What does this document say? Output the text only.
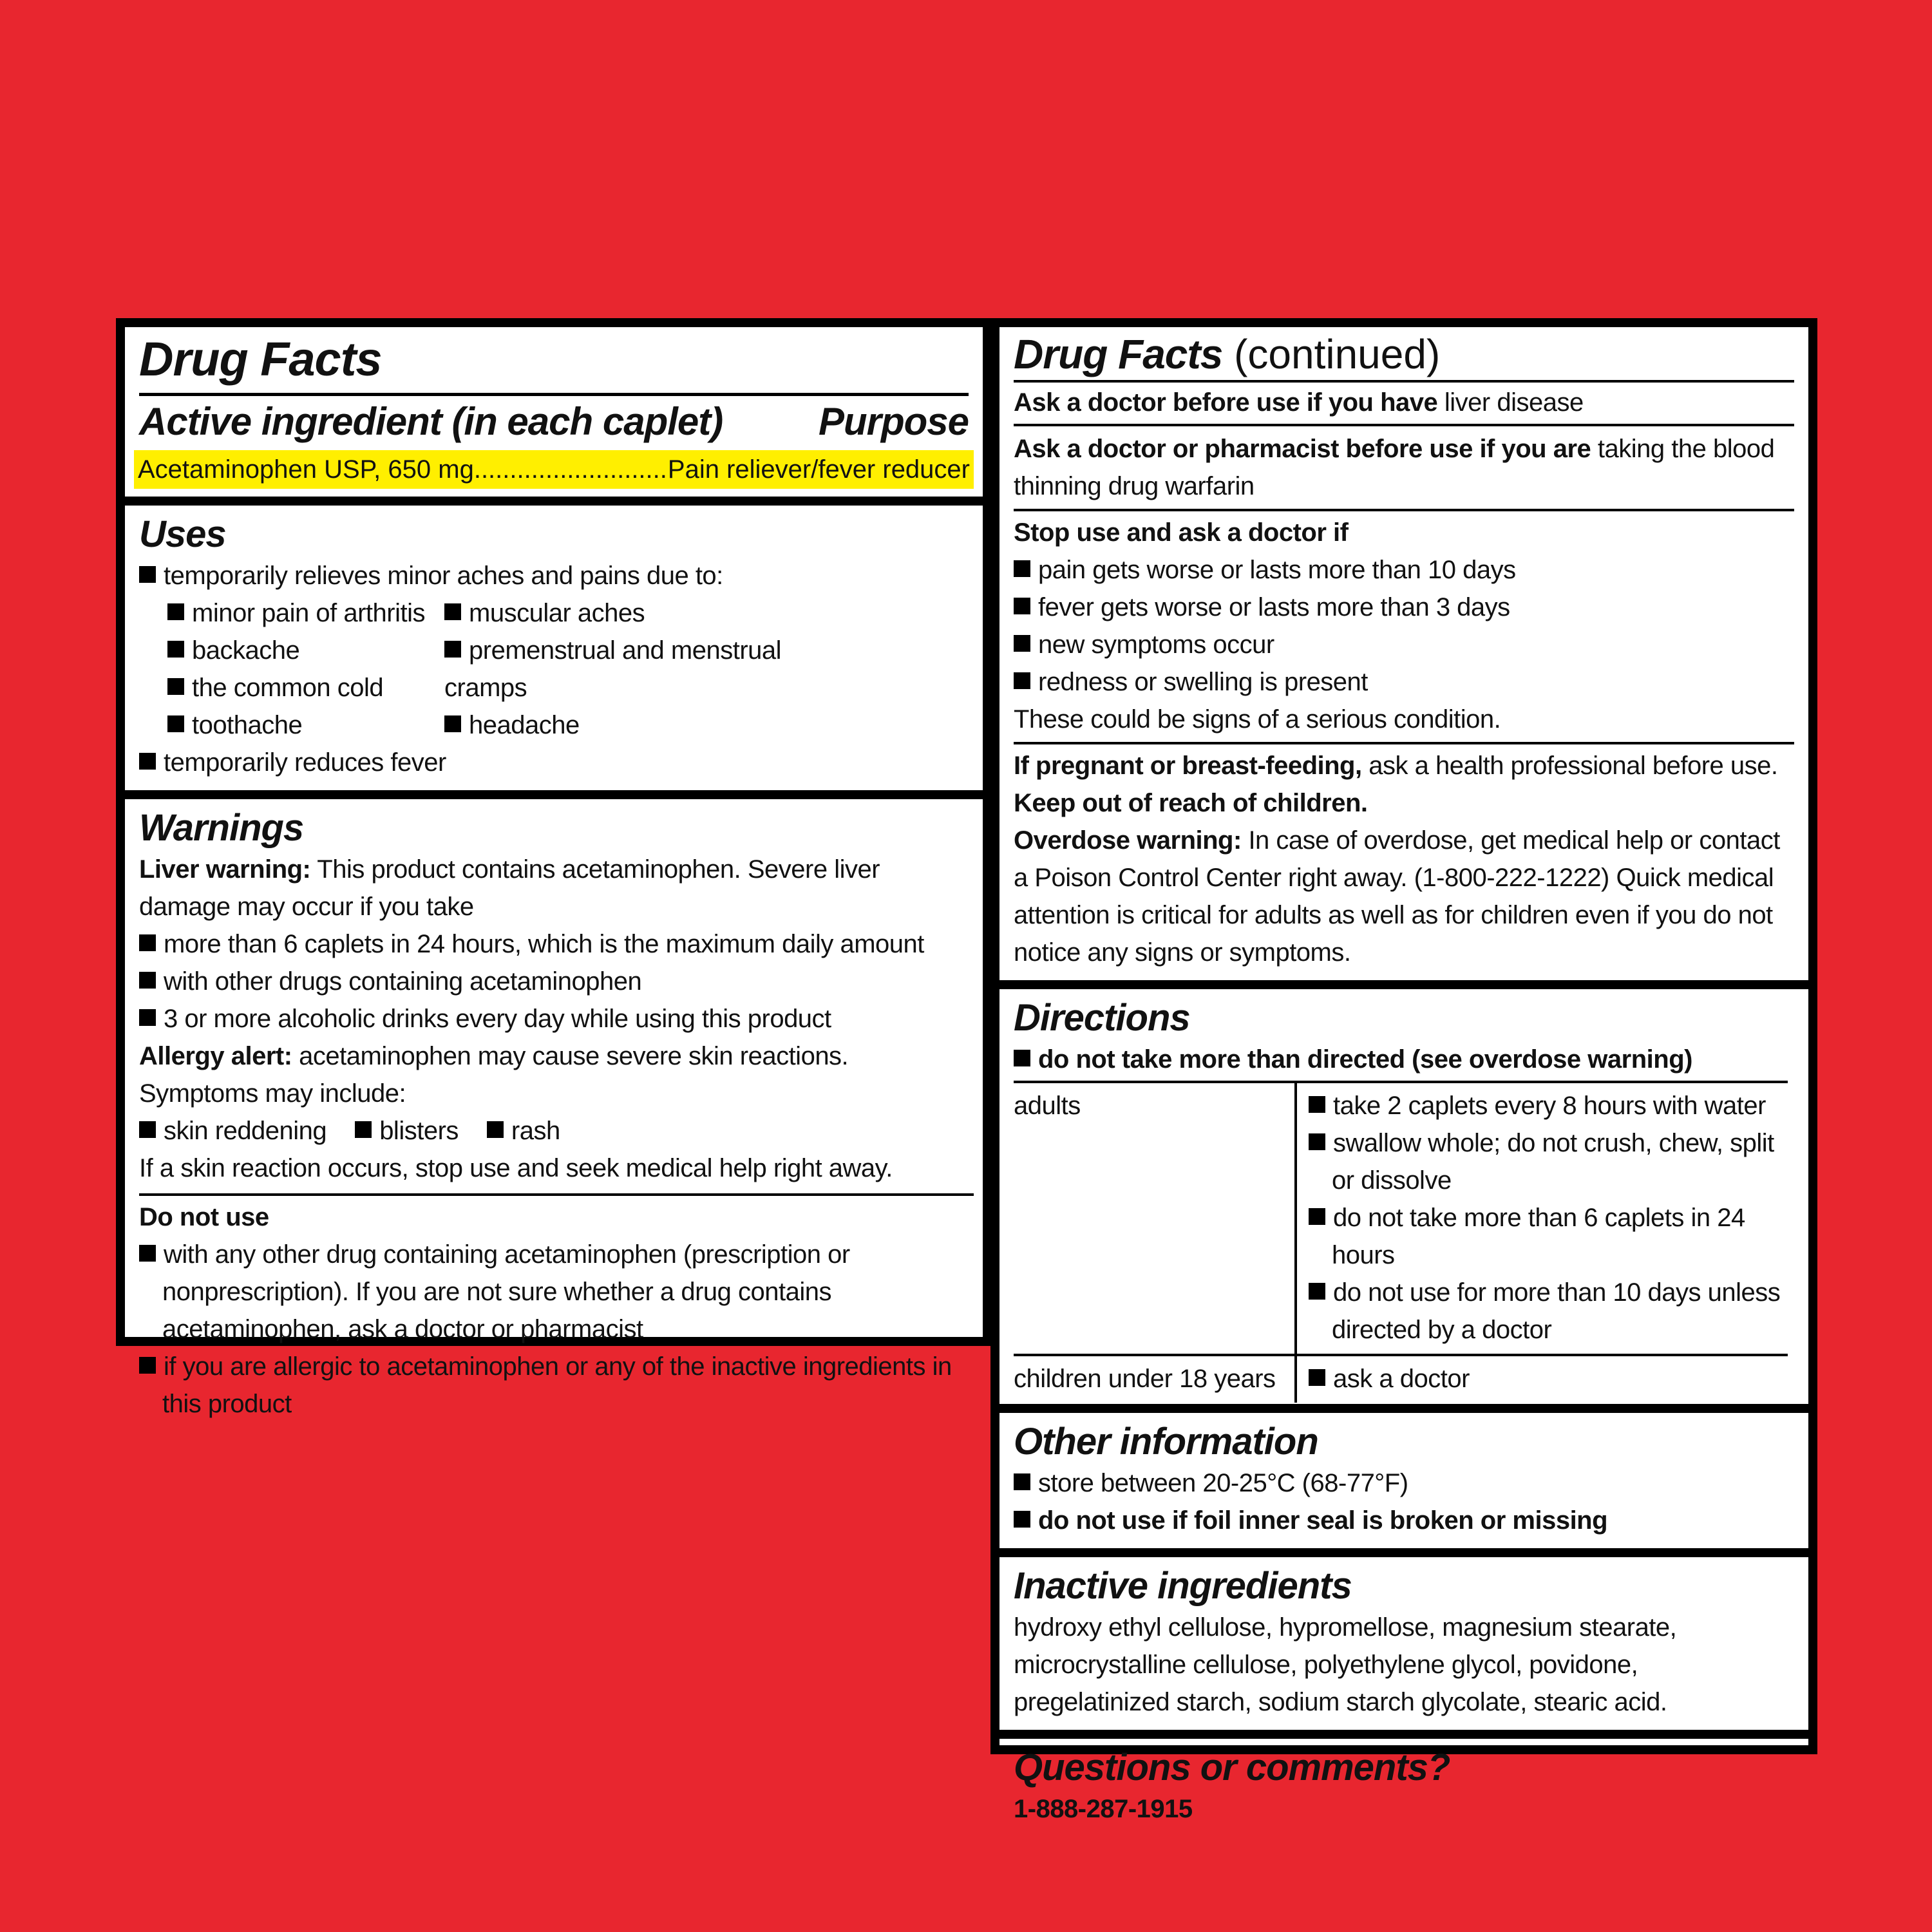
Drug Facts
Active ingredient (in each caplet) Purpose
Acetaminophen USP, 650 mg
.....	Pain reliever/fever reducer
Uses
temporarily relieves minor aches and pains due to:
minor pain of arthritis
backache
the common cold
toothache
muscular aches
premenstrual and menstrual cramps
headache
temporarily reduces fever
Warnings
Liver warning: This product contains acetaminophen. Severe liver damage may occur if you take
more than 6 caplets in 24 hours, which is the maximum daily amount
with other drugs containing acetaminophen
3 or more alcoholic drinks every day while using this product
Allergy alert: acetaminophen may cause severe skin reactions. Symptoms may include:
skin reddening blisters rash
If a skin reaction occurs, stop use and seek medical help right away.
Do not use
with any other drug containing acetaminophen (prescription or nonprescription). If you are not sure whether a drug contains acetaminophen, ask a doctor or pharmacist
if you are allergic to acetaminophen or any of the inactive ingredients in this product
Drug Facts (continued)
Ask a doctor before use if you have liver disease
Ask a doctor or pharmacist before use if you are taking the blood thinning drug warfarin
Stop use and ask a doctor if
pain gets worse or lasts more than 10 days
fever gets worse or lasts more than 3 days
new symptoms occur
redness or swelling is present
These could be signs of a serious condition.
If pregnant or breast-feeding, ask a health professional before use.
Keep out of reach of children.
Overdose warning: In case of overdose, get medical help or contact a Poison Control Center right away. (1-800-222-1222) Quick medical attention is critical for adults as well as for children even if you do not notice any signs or symptoms.
Directions
do not take more than directed (see overdose warning)
adults	take 2 caplets every 8 hours with water
swallow whole; do not crush, chew, split or dissolve
do not take more than 6 caplets in 24 hours
do not use for more than 10 days unless directed by a doctor
children under 18 years	ask a doctor
Other information
store between 20-25°C (68-77°F)
do not use if foil inner seal is broken or missing
Inactive ingredients
hydroxy ethyl cellulose, hypromellose, magnesium stearate, microcrystalline cellulose, polyethylene glycol, povidone, pregelatinized starch, sodium starch glycolate, stearic acid.
Questions or comments?
1-888-287-1915
